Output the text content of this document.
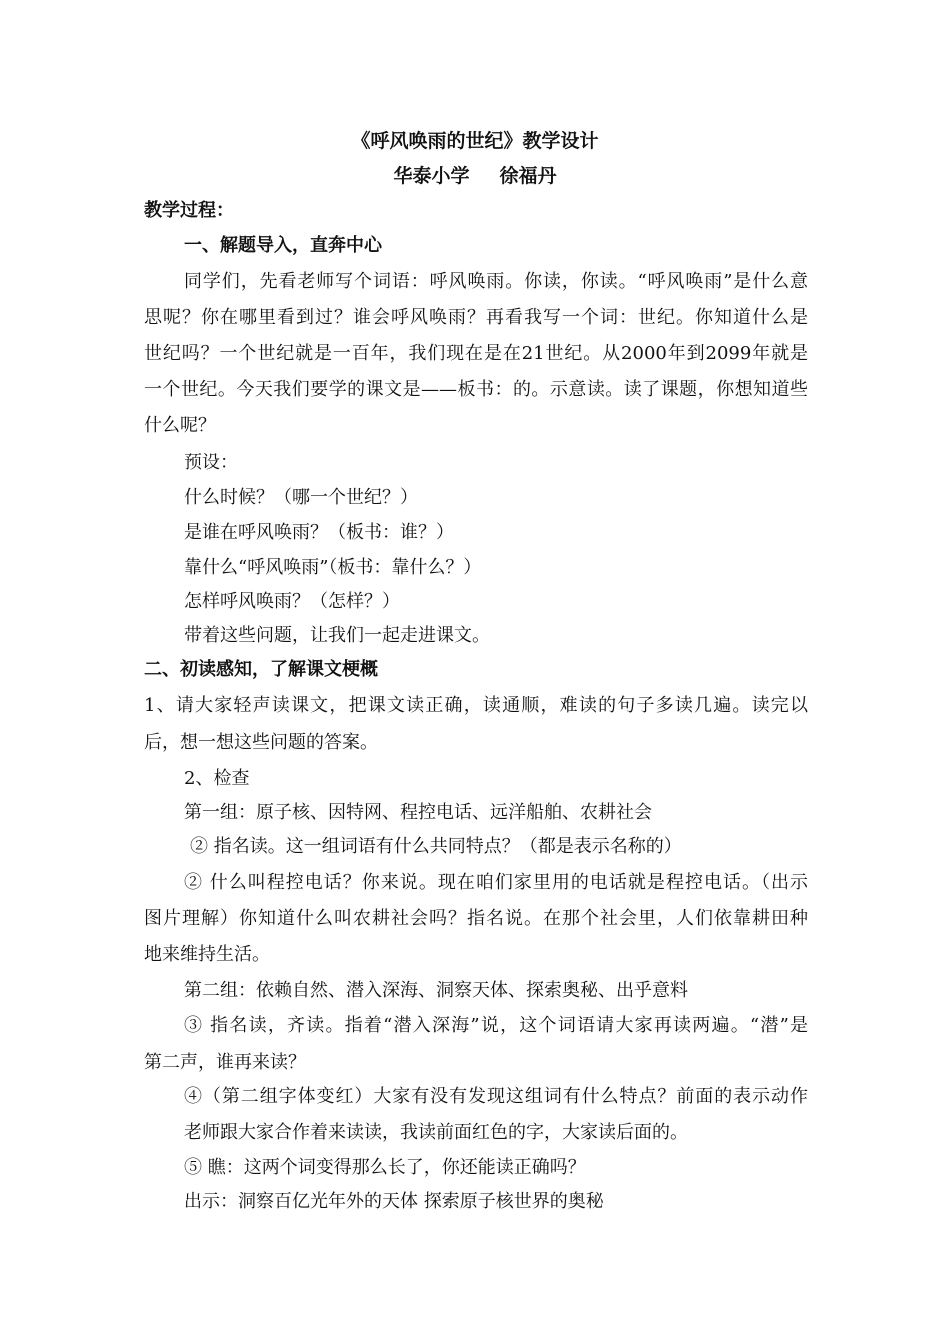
《呼风唤雨的世纪》教学设计
华泰小学 徐福丹
教学过程：
一、解题导入，直奔中心
同学们，先看老师写个词语：呼风唤雨。你读，你读。“呼风唤雨”是什么意
思呢？你在哪里看到过？谁会呼风唤雨？再看我写一个词：世纪。你知道什么是
世纪吗？一个世纪就是一百年，我们现在是在21世纪。从2000年到2099年就是
一个世纪。今天我们要学的课文是——板书：的。示意读。读了课题，你想知道些
什么呢？
预设：
什么时候？（哪一个世纪？）
是谁在呼风唤雨？（板书：谁？）
靠什么“呼风唤雨”（板书：靠什么？）
怎样呼风唤雨？（怎样？）
带着这些问题，让我们一起走进课文。
二、初读感知，了解课文梗概
1、请大家轻声读课文，把课文读正确，读通顺，难读的句子多读几遍。读完以
后，想一想这些问题的答案。
2、检查
第一组：原子核、因特网、程控电话、远洋船舶、农耕社会
② 指名读。这一组词语有什么共同特点？（都是表示名称的）
② 什么叫程控电话？你来说。现在咱们家里用的电话就是程控电话。（出示
图片理解）你知道什么叫农耕社会吗？指名说。在那个社会里，人们依靠耕田种
地来维持生活。
第二组：依赖自然、潜入深海、洞察天体、探索奥秘、出乎意料
③ 指名读，齐读。指着“潜入深海”说，这个词语请大家再读两遍。“潜”是
第二声，谁再来读？
④（第二组字体变红）大家有没有发现这组词有什么特点？前面的表示动作
老师跟大家合作着来读读，我读前面红色的字，大家读后面的。
⑤ 瞧：这两个词变得那么长了，你还能读正确吗？
出示：洞察百亿光年外的天体 探索原子核世界的奥秘
